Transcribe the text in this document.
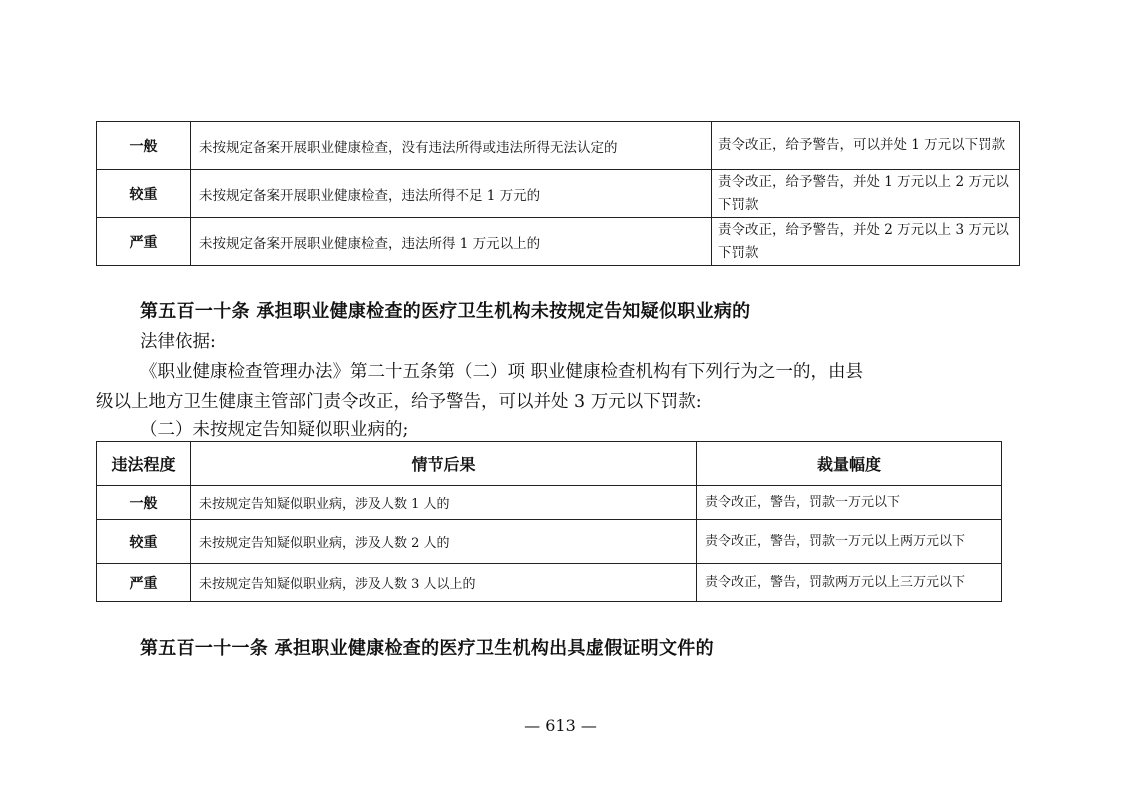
一般	未按规定备案开展职业健康检查，没有违法所得或违法所得无法认定的	责令改正，给予警告，可以并处 1 万元以下罚款
较重	未按规定备案开展职业健康检查，违法所得不足 1 万元的	责令改正，给予警告，并处 1 万元以上 2 万元以下罚款
严重	未按规定备案开展职业健康检查，违法所得 1 万元以上的	责令改正，给予警告，并处 2 万元以上 3 万元以下罚款
第五百一十条 承担职业健康检查的医疗卫生机构未按规定告知疑似职业病的
法律依据:
《职业健康检查管理办法》第二十五条第（二）项 职业健康检查机构有下列行为之一的，由县
级以上地方卫生健康主管部门责令改正，给予警告，可以并处 3 万元以下罚款:
（二）未按规定告知疑似职业病的;
违法程度	情节后果	裁量幅度
一般	未按规定告知疑似职业病，涉及人数 1 人的	责令改正，警告，罚款一万元以下
较重	未按规定告知疑似职业病，涉及人数 2 人的	责令改正，警告，罚款一万元以上两万元以下
严重	未按规定告知疑似职业病，涉及人数 3 人以上的	责令改正，警告，罚款两万元以上三万元以下
第五百一十一条 承担职业健康检查的医疗卫生机构出具虚假证明文件的
— 613 —
